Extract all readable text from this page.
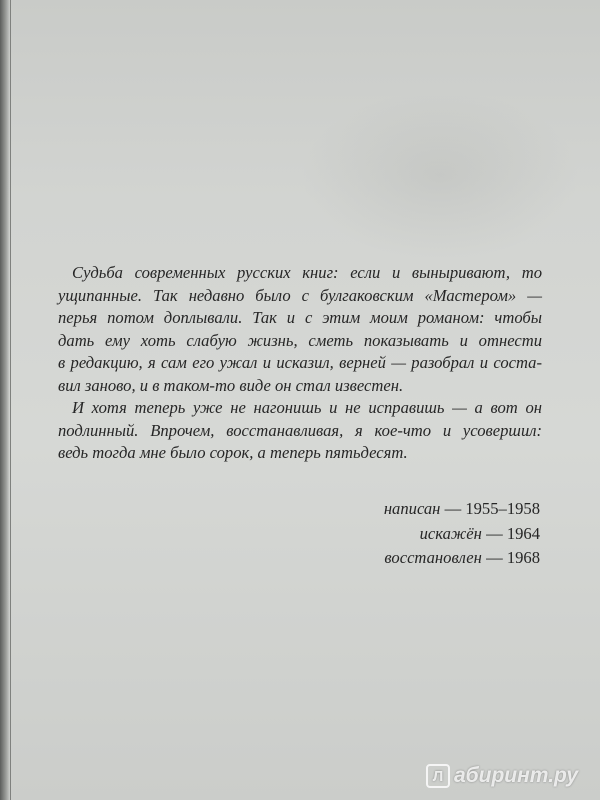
Судьба современных русских книг: если и выныривают, то
ущипанные. Так недавно было с булгаковским «Мастером» —
перья потом доплывали. Так и с этим моим романом: чтобы
дать ему хоть слабую жизнь, сметь показывать и отнести
в редакцию, я сам его ужал и исказил, верней — разобрал и соста-
вил заново, и в таком-то виде он стал известен.

И хотя теперь уже не нагонишь и не исправишь — а вот он
подлинный. Впрочем, восстанавливая, я кое-что и усовершил:
ведь тогда мне было сорок, а теперь пятьдесят.

написан — 1955–1958
искажён — 1964
восстановлен — 1968
Л абиринт.ру
